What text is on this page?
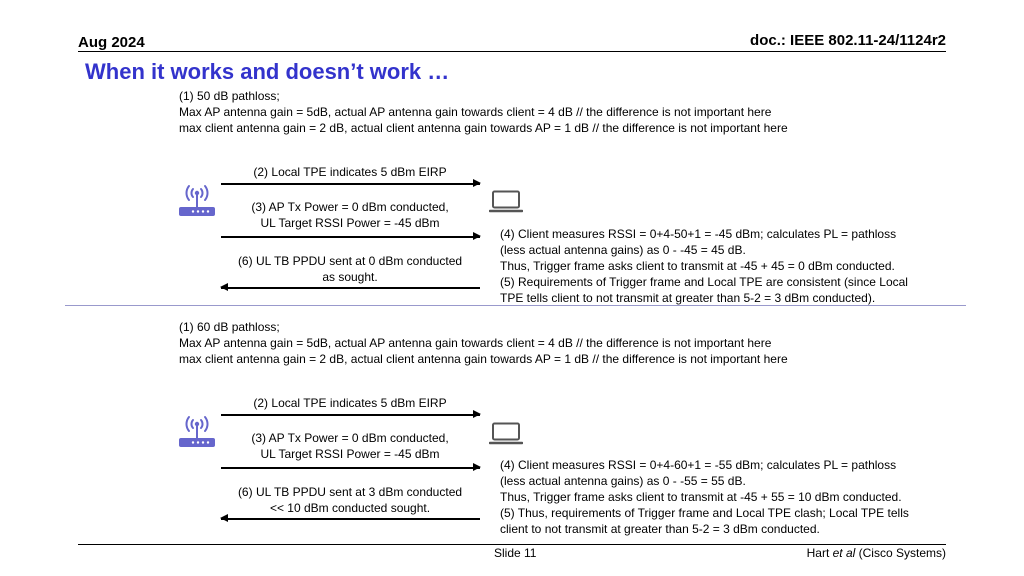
Aug 2024	doc.: IEEE 802.11-24/1124r2
When it works and doesn’t work …
(1) 50 dB pathloss;
Max AP antenna gain = 5dB, actual AP antenna gain towards client = 4 dB // the difference is not important here
max client antenna gain = 2 dB, actual client antenna gain towards AP = 1 dB // the difference is not important here
(2) Local TPE indicates 5 dBm EIRP
(3) AP Tx Power = 0 dBm conducted,
UL Target RSSI Power = -45 dBm
(6) UL TB PPDU sent at 0 dBm conducted
as sought.
(4) Client measures RSSI = 0+4-50+1 = -45 dBm; calculates PL = pathloss
(less actual antenna gains) as 0 - -45 = 45 dB.
Thus, Trigger frame asks client to transmit at -45 + 45 = 0 dBm conducted.
(5) Requirements of Trigger frame and Local TPE are consistent (since Local
TPE tells client to not transmit at greater than 5-2 = 3 dBm conducted).
(1) 60 dB pathloss;
Max AP antenna gain = 5dB, actual AP antenna gain towards client = 4 dB // the difference is not important here
max client antenna gain = 2 dB, actual client antenna gain towards AP = 1 dB // the difference is not important here
(2) Local TPE indicates 5 dBm EIRP
(3) AP Tx Power = 0 dBm conducted,
UL Target RSSI Power = -45 dBm
(6) UL TB PPDU sent at 3 dBm conducted
<< 10 dBm conducted sought.
(4) Client measures RSSI = 0+4-60+1 = -55 dBm; calculates PL = pathloss
(less actual antenna gains) as 0 - -55 = 55 dB.
Thus, Trigger frame asks client to transmit at -45 + 55 = 10 dBm conducted.
(5) Thus, requirements of Trigger frame and Local TPE clash; Local TPE tells
client to not transmit at greater than 5-2 = 3 dBm conducted.
Slide 11	Hart et al (Cisco Systems)
